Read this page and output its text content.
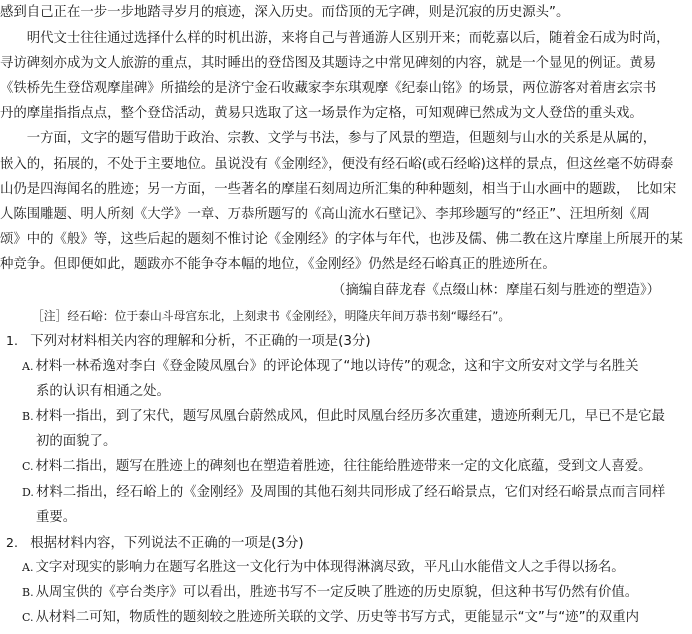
感到自己正在一步一步地踏寻岁月的痕迹，深入历史。而岱顶的无字碑，则是沉寂的历史源头”。
　　明代文士往往通过选择什么样的时机出游，来将自己与普通游人区别开来；而乾嘉以后，随着金石成为时尚，
寻访碑刻亦成为文人旅游的重点，其时睡出的登岱图及其题诗之中常见碑刻的内容，就是一个显见的例证。黄易
《铁桥先生登岱观摩崖碑》所描绘的是济宁金石收藏家李东琪观摩《纪泰山铭》的场景，两位游客对着唐玄宗书
丹的摩崖指指点点，整个登岱活动，黄易只选取了这一场景作为定格，可知观碑已然成为文人登岱的重头戏。
　　一方面，文字的题写借助于政治、宗教、文学与书法，参与了风景的塑造，但题刻与山水的关系是从属的，
嵌入的，拓展的，不处于主要地位。虽说没有《金刚经》，便没有经石峪(或石经峪)这样的景点，但这丝毫不妨碍泰
山仍是四海闻名的胜迹；另一方面，一些著名的摩崖石刻周边所汇集的种种题刻，相当于山水画中的题跋，　比如宋
人陈围雕题、明人所刻《大学》一章、万恭所题写的《高山流水石壁记》、李邦珍题写的“经正”、汪坦所刻《周
颂》中的《般》等，这些后起的题刻不惟讨论《金刚经》的字体与年代，也涉及儒、佛二教在这片摩崖上所展开的某
种竞争。但即便如此，题跋亦不能争夺本幅的地位，《金刚经》仍然是经石峪真正的胜迹所在。
（摘编自薛龙春《点缀山林：摩崖石刻与胜迹的塑造》）
［注］经石峪：位于泰山斗母宫东北，上刻隶书《金刚经》，明隆庆年间万恭书刻“曝经石”。
1. 下列对材料相关内容的理解和分析，不正确的一项是(3分)
A. 材料一林希逸对李白《登金陵凤凰台》的评论体现了“地以诗传”的观念，这和宇文所安对文学与名胜关
系的认识有相通之处。
B. 材料一指出，到了宋代，题写凤凰台蔚然成风，但此时凤凰台经历多次重建，遗迹所剩无几，早已不是它最
初的面貌了。
C. 材料二指出，题写在胜迹上的碑刻也在塑造着胜迹，往往能给胜迹带来一定的文化底蕴，受到文人喜爱。
D. 材料二指出，经石峪上的《金刚经》及周围的其他石刻共同形成了经石峪景点，它们对经石峪景点而言同样
重要。
2. 根据材料内容，下列说法不正确的一项是(3分)
A. 文字对现实的影响力在题写名胜这一文化行为中体现得淋漓尽致，平凡山水能借文人之手得以扬名。
B. 从周宝供的《亭台类序》可以看出，胜迹书写不一定反映了胜迹的历史原貌，但这种书写仍然有价值。
C. 从材料二可知，物质性的题刻较之胜迹所关联的文学、历史等书写方式，更能显示“文”与“迹”的双重内
